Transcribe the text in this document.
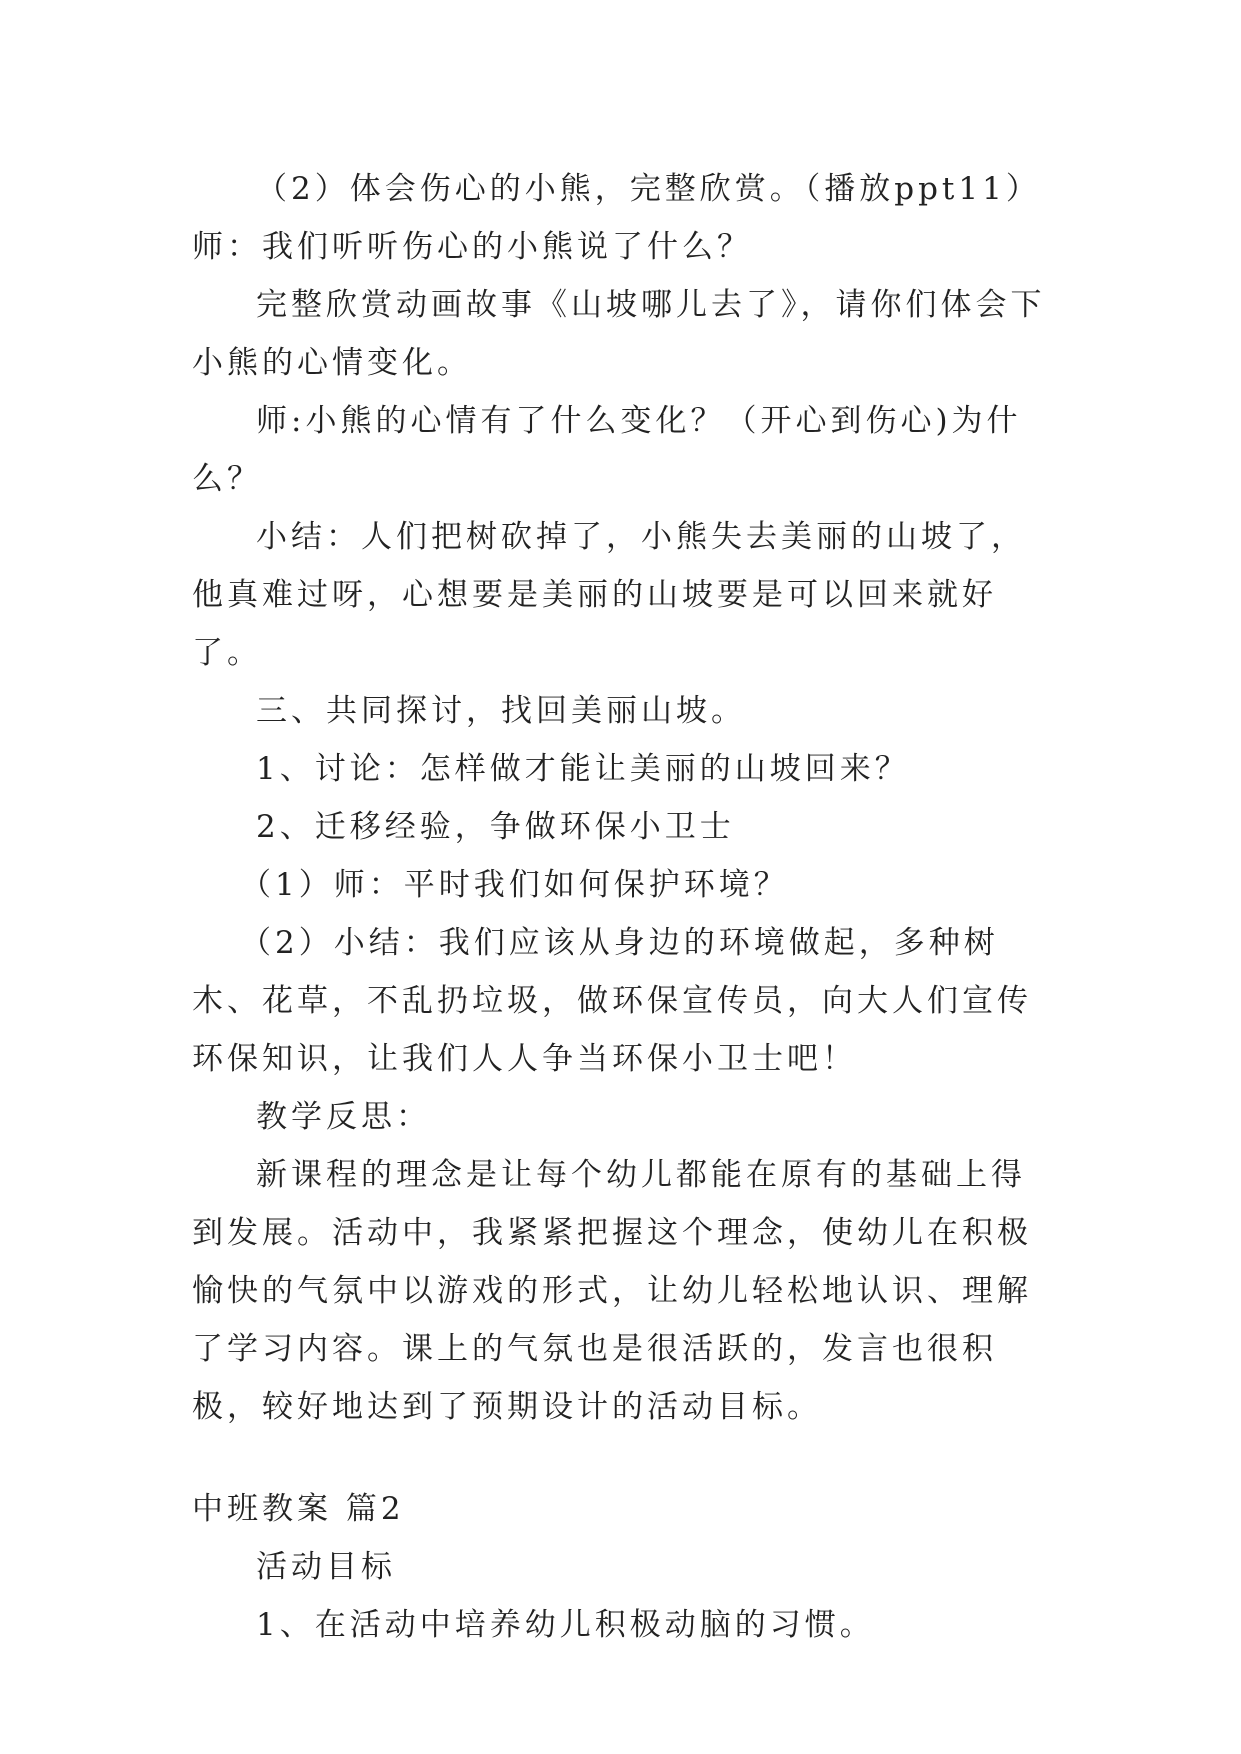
（2）体会伤心的小熊，完整欣赏。（播放ppt11）师：我们听听伤心的小熊说了什么？

完整欣赏动画故事《山坡哪儿去了》，请你们体会下小熊的心情变化。

师:小熊的心情有了什么变化？（开心到伤心)为什么？

小结：人们把树砍掉了，小熊失去美丽的山坡了，他真难过呀，心想要是美丽的山坡要是可以回来就好了。

三、共同探讨，找回美丽山坡。

1、讨论：怎样做才能让美丽的山坡回来？

2、迁移经验，争做环保小卫士

（1）师：平时我们如何保护环境？

（2）小结：我们应该从身边的环境做起，多种树木、花草，不乱扔垃圾，做环保宣传员，向大人们宣传环保知识，让我们人人争当环保小卫士吧！

教学反思：

新课程的理念是让每个幼儿都能在原有的基础上得到发展。活动中，我紧紧把握这个理念，使幼儿在积极愉快的气氛中以游戏的形式，让幼儿轻松地认识、理解了学习内容。课上的气氛也是很活跃的，发言也很积极，较好地达到了预期设计的活动目标。

中班教案 篇2

活动目标

1、在活动中培养幼儿积极动脑的习惯。
